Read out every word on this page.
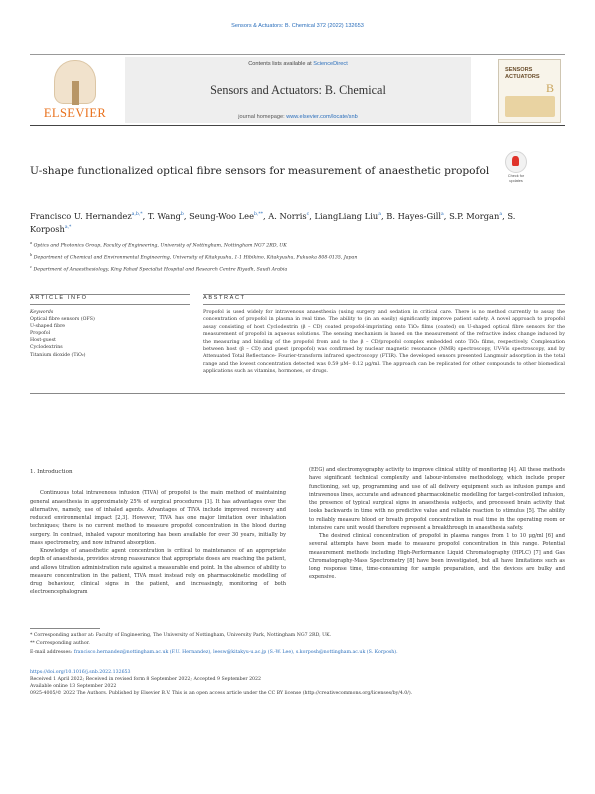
Sensors & Actuators: B. Chemical 372 (2022) 132653
ELSEVIER
Contents lists available at ScienceDirect
Sensors and Actuators: B. Chemical
journal homepage: www.elsevier.com/locate/snb
SENSORS
ACTUATORS
B
U-shape functionalized optical fibre sensors for measurement of anaesthetic propofol	Check for updates
Francisco U. Hernandez$^{a,b,*}$, T. Wang$^b$, Seung-Woo Lee$^{b,**}$, A. Norris$^c$, LiangLiang Liu$^a$, B. Hayes-Gill$^a$, S.P. Morgan$^a$, S. Korposh$^{a,*}$
$^a$ Optics and Photonics Group, Faculty of Engineering, University of Nottingham, Nottingham NG7 2RD, UK
$^b$ Department of Chemical and Environmental Engineering, University of Kitakyushu, 1-1 Hibikino, Kitakyushu, Fukuoka 808-0135, Japan
$^c$ Department of Anaesthesiology, King Fahad Specialist Hospital and Research Centre Riyadh, Saudi Arabia
ARTICLE INFO	ABSTRACT
Keywords
Optical fibre sensors (OFS)
U-shaped fibre
Propofol
Host-guest
Cyclodextrins
Titanium dioxide (TiO₂)
Propofol is used widely for intravenous anaesthesia (using surgery and sedation in critical care. There is no method currently to assay the concentration of propofol in plasma in real time. The ability to (in an easily) significantly improve patient safety. A novel approach to propofol assay consisting of host Cyclodextrin (β – CD) coated propofol-imprinting onto TiO₂ films (coated) on U-shaped optical fibre sensors for the measurement of propofol in aqueous solutions. The sensing mechanism is based on the measurement of the refractive index change induced by the measuring and binding of the propofol from and to the β – CD/propofol complex embedded onto TiO₂ films, respectively. Complexation between host (β – CD) and guest (propofol) was confirmed by nuclear magnetic resonance (NMR) spectroscopy, UV-Vis spectroscopy, and by Attenuated Total Reflectance- Fourier-transform infrared spectroscopy (FTIR). The developed sensors presented Langmuir adsorption in the total range and the lowest concentration detected was 0.59 μM– 0.12 μg/ml. The approach can be replicated for other compounds to other biomedical applications such as vitamins, hormones, or drugs.
1. Introduction

Continuous total intravenous infusion (TIVA) of propofol is the main method of maintaining general anaesthesia in approximately 25% of surgical procedures [1]. It has advantages over the alternative, namely, use of inhaled agents. Advantages of TIVA include improved recovery and reduced environmental impact [2,3]. However, TIVA has one major limitation over inhalation techniques; there is no current method to measure propofol concentration in the blood during surgery. In contrast, inhaled vapour monitoring has been available for over 30 years, initially by mass spectrometry, and now infrared absorption.

Knowledge of anaesthetic agent concentration is critical to maintenance of an appropriate depth of anaesthesia, provides strong reassurance that appropriate doses are reaching the patient, and allows titration administration rate against a measurable end point. In the absence of ability to measure concentration in the patient, TIVA must instead rely on pharmacokinetic modelling of drug behaviour, clinical signs in the patient, and increasingly, monitoring of both electroencephalogram

(EEG) and electromyography activity to improve clinical utility of monitoring [4]. All these methods have significant technical complexity and labour-intensive methodology, which include proper functioning, set up, programming and use of all delivery equipment such as infusion pumps and intravenous lines, accurate and advanced pharmacokinetic modelling for target-controlled infusion, the presence of typical surgical signs in anaesthesia subjects, and processed brain activity that looks backwards in time with no predictive value and reliable reaction to stimulus [5]. The ability to reliably measure blood or breath propofol concentration in real time in the operating room or intensive care unit would therefore represent a breakthrough in anaesthesia safety.

The desired clinical concentration of propofol in plasma ranges from 1 to 10 μg/ml [6] and several attempts have been made to measure propofol concentration in this range. Potential measurement methods including High-Performance Liquid Chromatography (HPLC) [7] and Gas Chromatography-Mass Spectrometry [8] have been investigated, but all have limitations such as long response time, time-consuming for sample preparation, and the devices are bulky and expensive.

* Corresponding author at: Faculty of Engineering, The University of Nottingham, University Park, Nottingham NG7 2RD, UK.
** Corresponding author.
E-mail addresses: francisco.hernandez@nottingham.ac.uk (F.U. Hernandez), leesw@kitakyu-u.ac.jp (S.-W. Lee), s.korposh@nottingham.ac.uk (S. Korposh).
https://doi.org/10.1016/j.snb.2022.132653
Received 1 April 2022; Received in revised form 8 September 2022; Accepted 9 September 2022
Available online 13 September 2022
0925-4005/© 2022 The Authors. Published by Elsevier B.V. This is an open access article under the CC BY license (http://creativecommons.org/licenses/by/4.0/).
